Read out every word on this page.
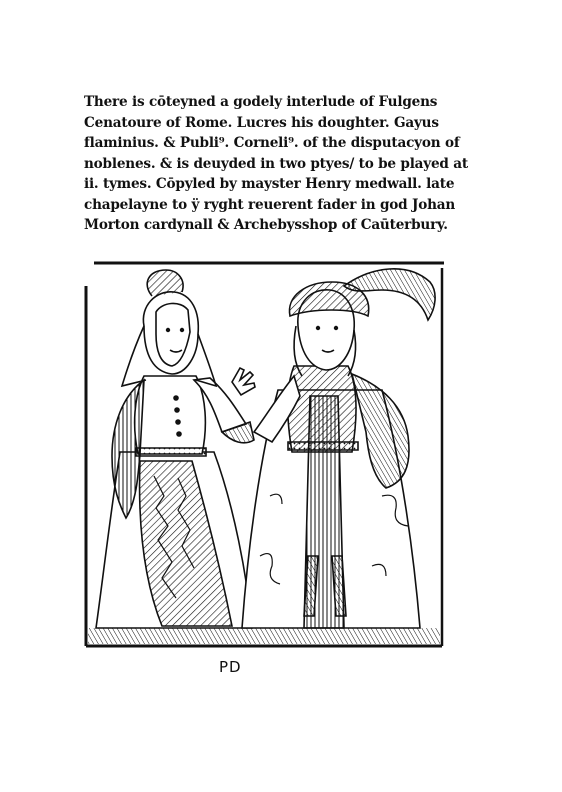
There is cōteyned a godely interlude of Fulgens
Cenatoure of Rome. Lucres his doughter. Gayus
flaminius. & Publi⁹. Corneli⁹. of the disputacyon of
noblenes. & is deuyded in two ptyes/ to be played at
ii. tymes. Cōpyled by mayster Henry medwall. late
chapelayne to ÿ ryght reuerent fader in god Johan
Morton cardynall & Archebysshop of Caūterbury.
PD
